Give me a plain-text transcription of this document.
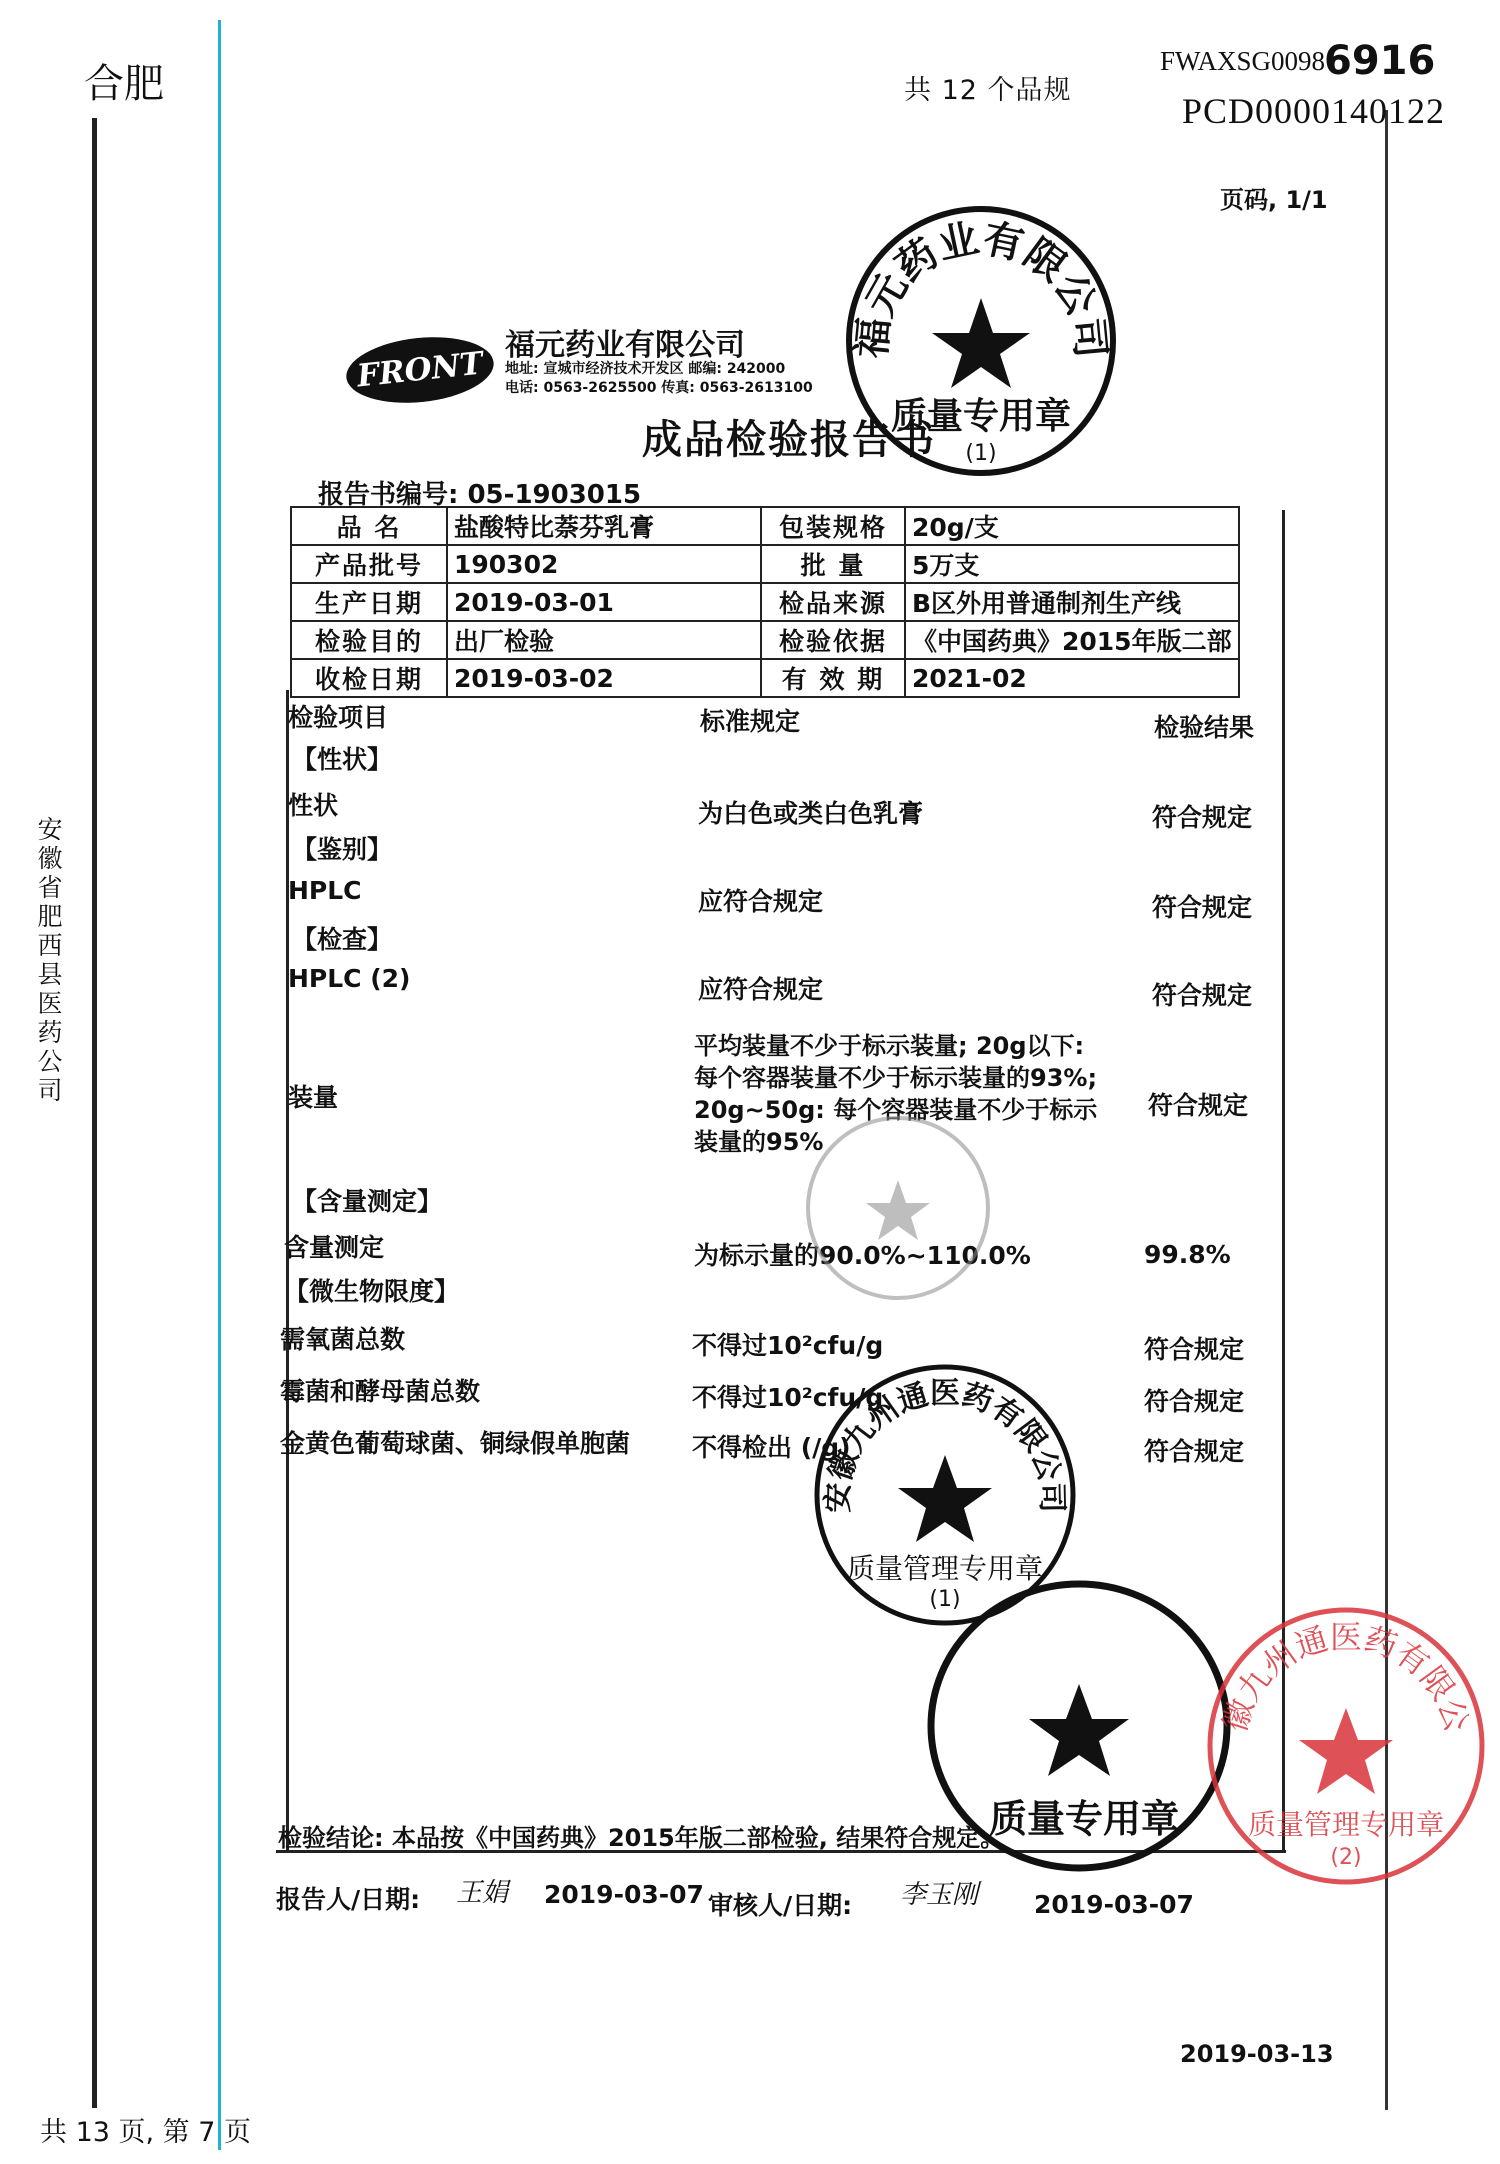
合肥	共 12 个品规
FWAXSG0098
6916
PCD0000140122
页码, 1/1
安徽省肥西县医药公司
FRONT
福元药业有限公司
地址: 宣城市经济技术开发区 邮编: 242000
电话: 0563-2625500 传真: 0563-2613100
成品检验报告书
报告书编号: 05-1903015
品 名	盐酸特比萘芬乳膏	包装规格	20g/支
产品批号	190302	批 量	5万支
生产日期	2019-03-01	检品来源	B区外用普通制剂生产线
检验目的	出厂检验	检验依据	《中国药典》2015年版二部
收检日期	2019-03-02	有 效 期	2021-02
检验项目	标准规定	检验结果
【性状】
性状	为白色或类白色乳膏	符合规定
【鉴别】
HPLC	应符合规定	符合规定
【检查】
HPLC (2)	应符合规定	符合规定
装量
平均装量不少于标示装量; 20g以下:
每个容器装量不少于标示装量的93%;
20g~50g: 每个容器装量不少于标示
装量的95%
符合规定
【含量测定】
含量测定	为标示量的90.0%~110.0%	99.8%
【微生物限度】
需氧菌总数	不得过10²cfu/g	符合规定
霉菌和酵母菌总数	不得过10²cfu/g	符合规定
金黄色葡萄球菌、铜绿假单胞菌 不得检出 (/g)	符合规定
检验结论: 本品按《中国药典》2015年版二部检验, 结果符合规定。
报告人/日期: 王娟 2019-03-07 审核人/日期: 李玉刚 2019-03-07
2019-03-13
共 13 页, 第 7 页
福元药业有限公司
质量专用章
(1)
安徽九州通医药有限公司
质量管理专用章
(1)
质量专用章
安徽九州通医药有限公司
质量管理专用章
(2)
